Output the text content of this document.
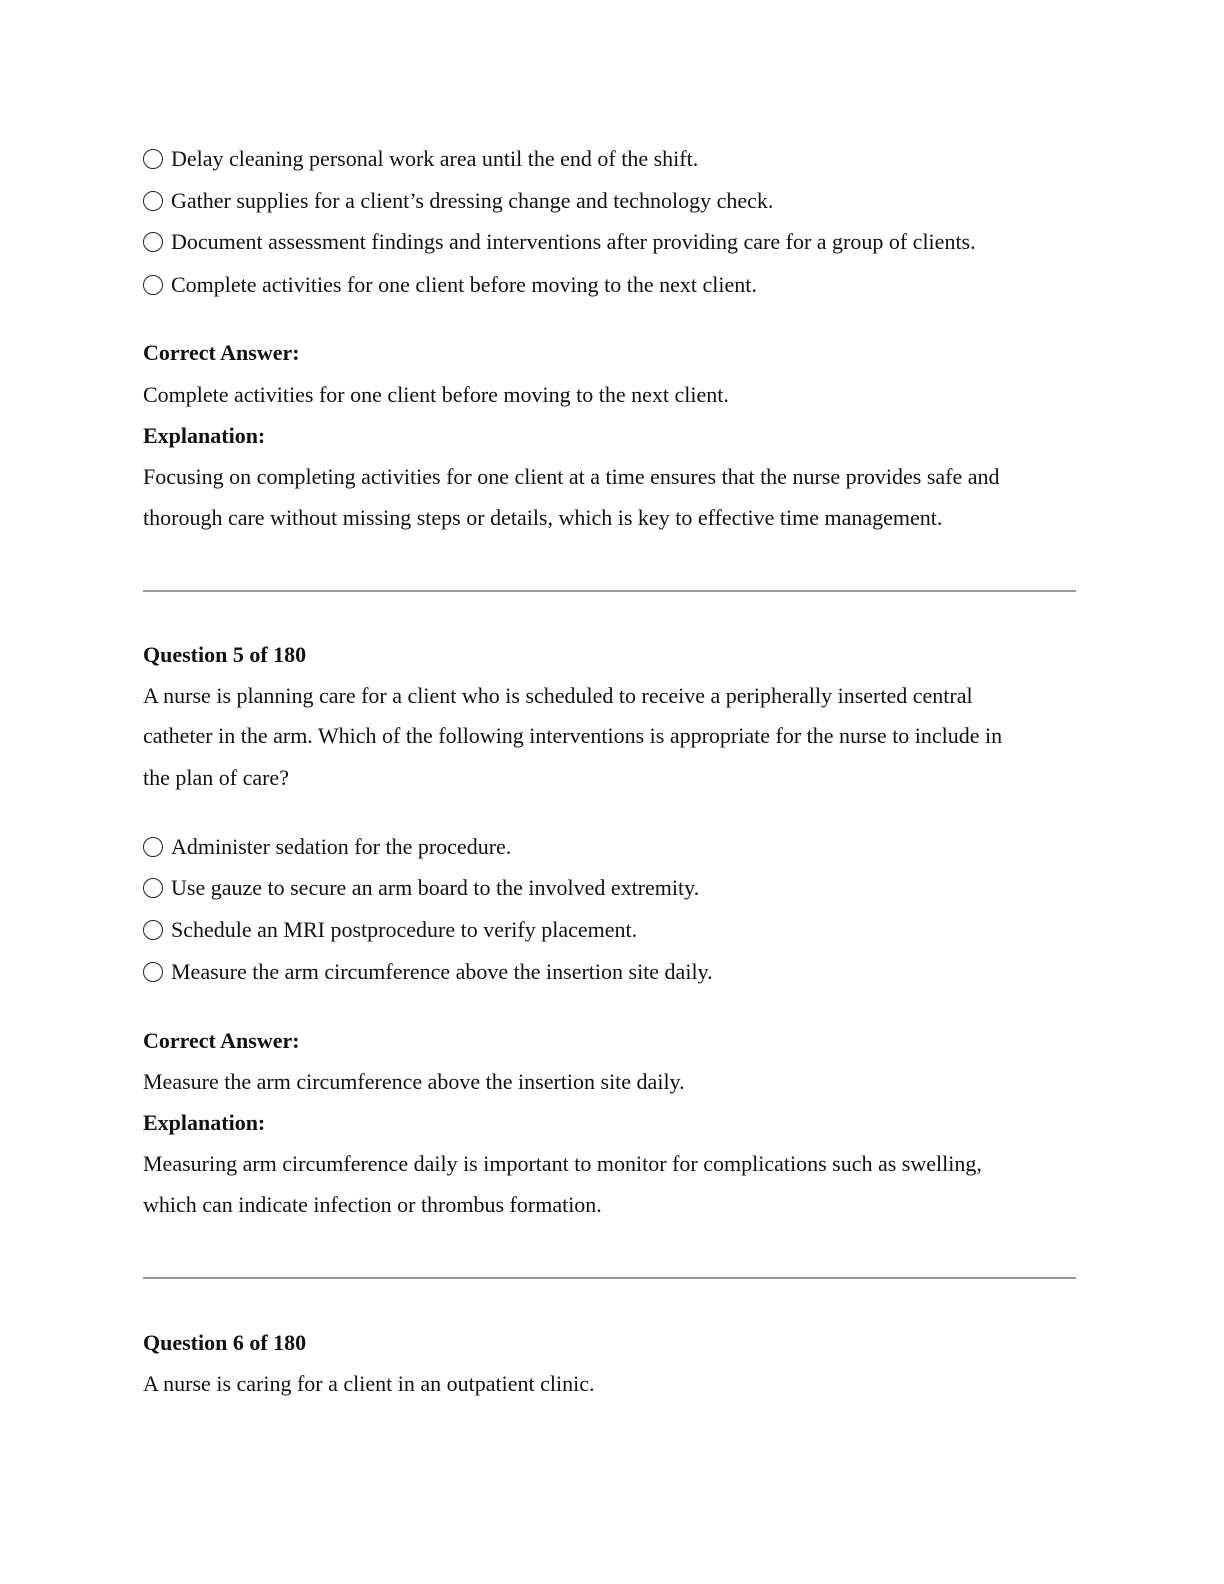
Delay cleaning personal work area until the end of the shift.
Gather supplies for a client’s dressing change and technology check.
Document assessment findings and interventions after providing care for a group of clients.
Complete activities for one client before moving to the next client.
Correct Answer:
Complete activities for one client before moving to the next client.
Explanation:
Focusing on completing activities for one client at a time ensures that the nurse provides safe and
thorough care without missing steps or details, which is key to effective time management.
Question 5 of 180
A nurse is planning care for a client who is scheduled to receive a peripherally inserted central
catheter in the arm. Which of the following interventions is appropriate for the nurse to include in
the plan of care?
Administer sedation for the procedure.
Use gauze to secure an arm board to the involved extremity.
Schedule an MRI postprocedure to verify placement.
Measure the arm circumference above the insertion site daily.
Correct Answer:
Measure the arm circumference above the insertion site daily.
Explanation:
Measuring arm circumference daily is important to monitor for complications such as swelling,
which can indicate infection or thrombus formation.
Question 6 of 180
A nurse is caring for a client in an outpatient clinic.
